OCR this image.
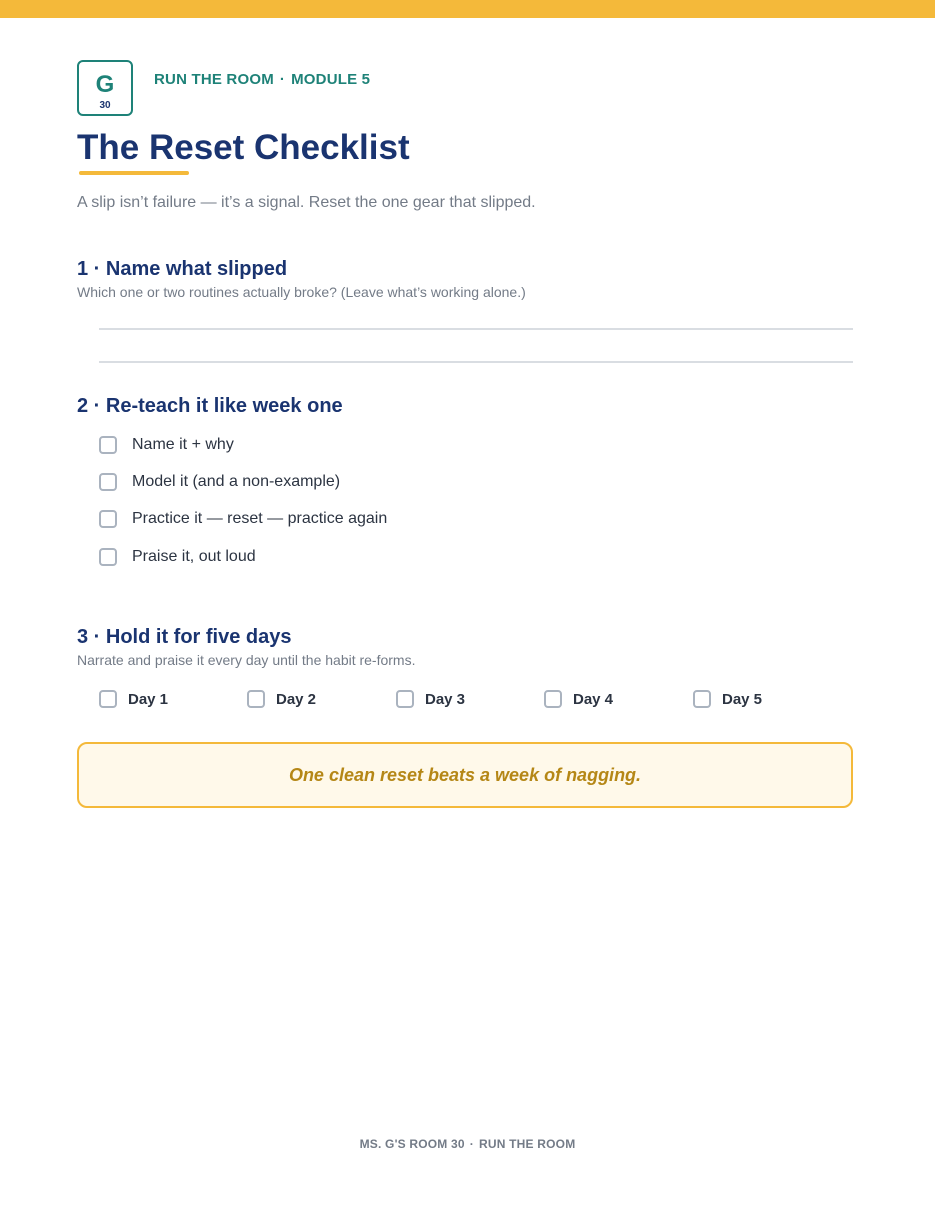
G
30
RUN THE ROOM · MODULE 5
The Reset Checklist
A slip isn’t failure — it’s a signal. Reset the one gear that slipped.
1 · Name what slipped
Which one or two routines actually broke? (Leave what’s working alone.)
2 · Re-teach it like week one
Name it + why
Model it (and a non-example)
Practice it — reset — practice again
Praise it, out loud
3 · Hold it for five days
Narrate and praise it every day until the habit re-forms.
Day 1	Day 2	Day 3	Day 4	Day 5
One clean reset beats a week of nagging.
MS. G'S ROOM 30 · RUN THE ROOM
